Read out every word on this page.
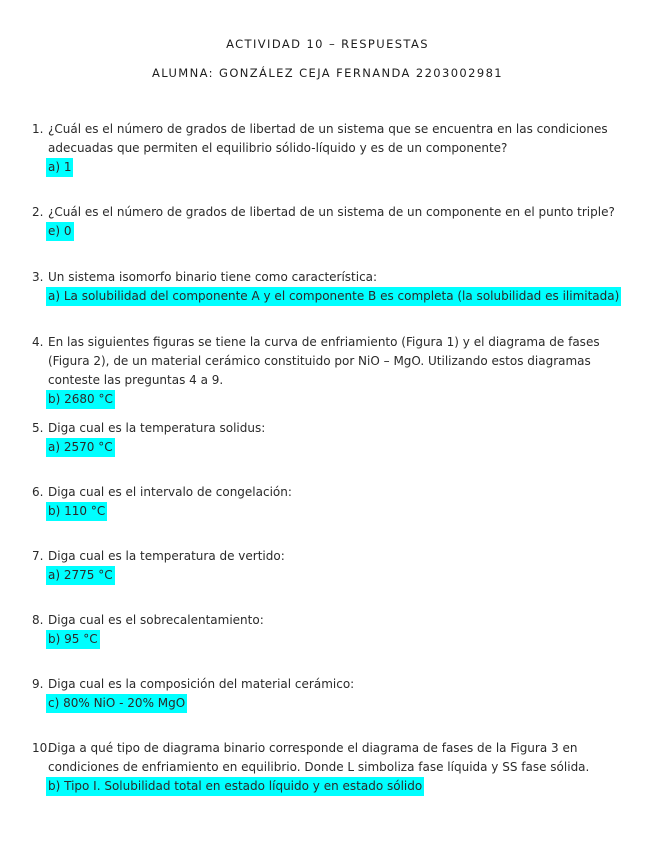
ACTIVIDAD 10 – RESPUESTAS
ALUMNA: GONZÁLEZ CEJA FERNANDA 2203002981
1. ¿Cuál es el número de grados de libertad de un sistema que se encuentra en las condiciones adecuadas que permiten el equilibrio sólido-líquido y es de un componente?
a) 1
2. ¿Cuál es el número de grados de libertad de un sistema de un componente en el punto triple?
e) 0
3. Un sistema isomorfo binario tiene como característica:
a) La solubilidad del componente A y el componente B es completa (la solubilidad es ilimitada)
4. En las siguientes figuras se tiene la curva de enfriamiento (Figura 1) y el diagrama de fases (Figura 2), de un material cerámico constituido por NiO – MgO. Utilizando estos diagramas conteste las preguntas 4 a 9.
b) 2680 °C
5. Diga cual es la temperatura solidus:
a) 2570 °C
6. Diga cual es el intervalo de congelación:
b) 110 °C
7. Diga cual es la temperatura de vertido:
a) 2775 °C
8. Diga cual es el sobrecalentamiento:
b) 95 °C
9. Diga cual es la composición del material cerámico:
c) 80% NiO - 20% MgO
10.
Diga a qué tipo de diagrama binario corresponde el diagrama de fases de la Figura 3 en condiciones de enfriamiento en equilibrio. Donde L simboliza fase líquida y SS fase sólida.
b) Tipo I. Solubilidad total en estado líquido y en estado sólido
